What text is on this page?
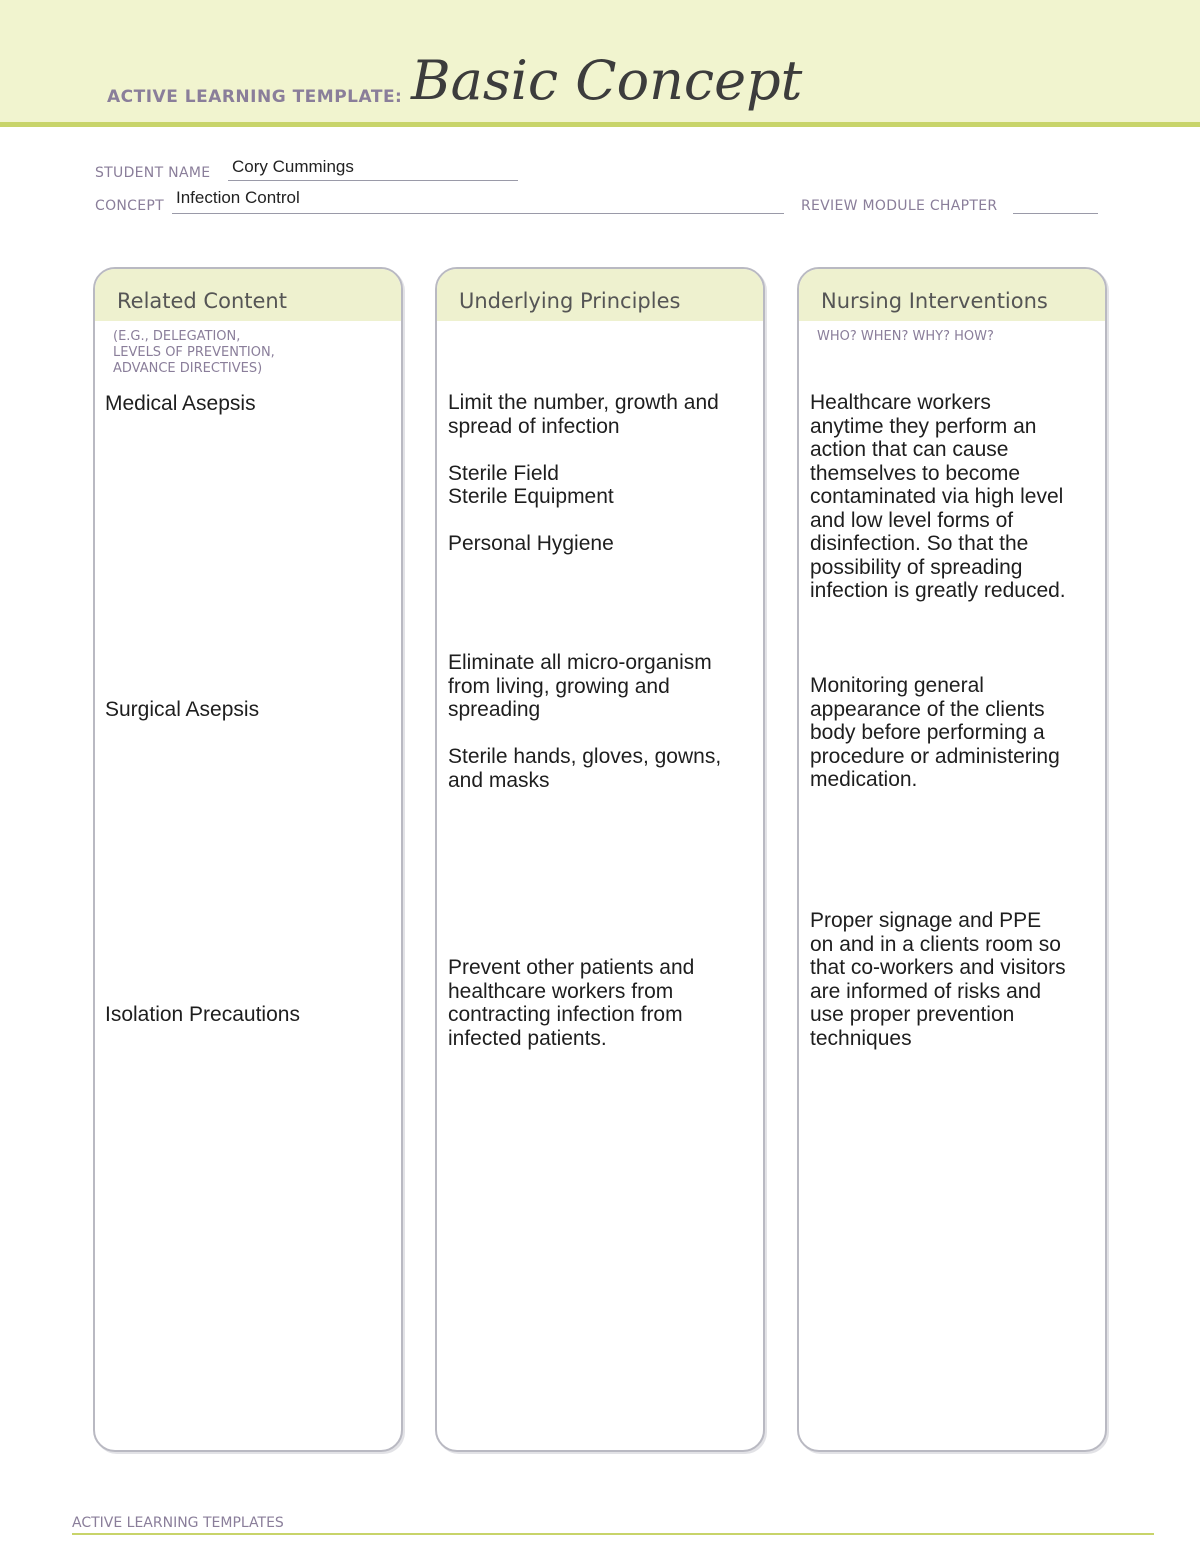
ACTIVE LEARNING TEMPLATE: Basic Concept
STUDENT NAME Cory Cummings
CONCEPT Infection Control	REVIEW MODULE CHAPTER
Related Content
(E.G., DELEGATION,
LEVELS OF PREVENTION,
ADVANCE DIRECTIVES)
Medical Asepsis
Surgical Asepsis
Isolation Precautions
Underlying Principles
Limit the number, growth and
spread of infection

Sterile Field
Sterile Equipment

Personal Hygiene
Eliminate all micro-organism
from living, growing and
spreading

Sterile hands, gloves, gowns,
and masks
Prevent other patients and
healthcare workers from
contracting infection from
infected patients.
Nursing Interventions
WHO? WHEN? WHY? HOW?
Healthcare workers
anytime they perform an
action that can cause
themselves to become
contaminated via high level
and low level forms of
disinfection. So that the
possibility of spreading
infection is greatly reduced.
Monitoring general
appearance of the clients
body before performing a
procedure or administering
medication.
Proper signage and PPE
on and in a clients room so
that co-workers and visitors
are informed of risks and
use proper prevention
techniques
ACTIVE LEARNING TEMPLATES
